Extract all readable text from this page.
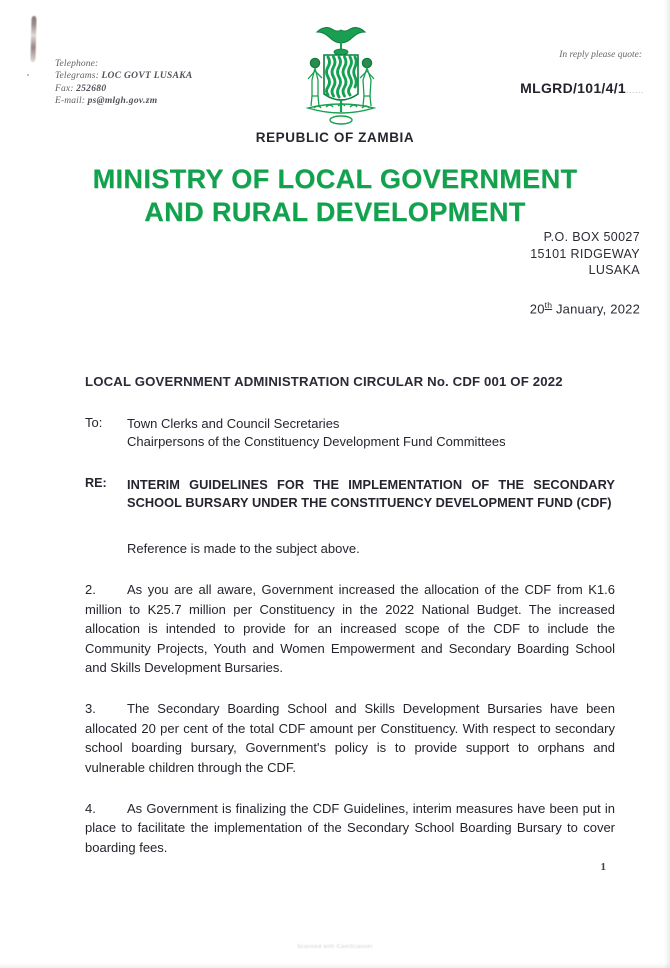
Telephone:
Telegrams: LOC GOVT LUSAKA
Fax: 252680
E-mail: ps@mlgh.gov.zm
In reply please quote:
MLGRD/101/4/1......
REPUBLIC OF ZAMBIA
MINISTRY OF LOCAL GOVERNMENT
AND RURAL DEVELOPMENT
P.O. BOX 50027
15101 RIDGEWAY
LUSAKA
20th January, 2022
LOCAL GOVERNMENT ADMINISTRATION CIRCULAR No. CDF 001 OF 2022
To:	Town Clerks and Council Secretaries
Chairpersons of the Constituency Development Fund Committees
RE:	INTERIM GUIDELINES FOR THE IMPLEMENTATION OF THE SECONDARY SCHOOL BURSARY UNDER THE CONSTITUENCY DEVELOPMENT FUND (CDF)

Reference is made to the subject above.

2. As you are all aware, Government increased the allocation of the CDF from K1.6 million to K25.7 million per Constituency in the 2022 National Budget. The increased allocation is intended to provide for an increased scope of the CDF to include the Community Projects, Youth and Women Empowerment and Secondary Boarding School and Skills Development Bursaries.

3. The Secondary Boarding School and Skills Development Bursaries have been allocated 20 per cent of the total CDF amount per Constituency. With respect to secondary school boarding bursary, Government's policy is to provide support to orphans and vulnerable children through the CDF.

4. As Government is finalizing the CDF Guidelines, interim measures have been put in place to facilitate the implementation of the Secondary School Boarding Bursary to cover boarding fees.

1
Scanned with CamScanner
